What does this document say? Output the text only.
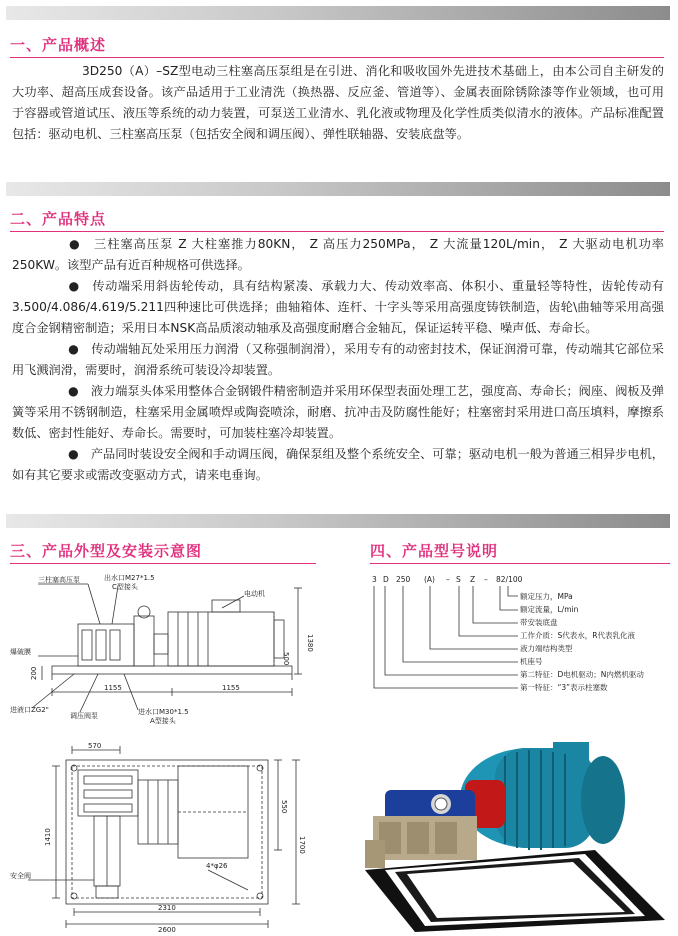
一、产品概述
3D250（A）–SZ型电动三柱塞高压泵组是在引进、消化和吸收国外先进技术基础上，由本公司自主研发的大功率、超高压成套设备。该产品适用于工业清洗（换热器、反应釜、管道等）、金属表面除锈除漆等作业领域，也可用于容器或管道试压、液压等系统的动力装置，可泵送工业清水、乳化液或物理及化学性质类似清水的液体。产品标准配置包括：驱动电机、三柱塞高压泵（包括安全阀和调压阀）、弹性联轴器、安装底盘等。
二、产品特点
●　三柱塞高压泵 Z 大柱塞推力80KN， Z 高压力250MPa， Z 大流量120L/min， Z 大驱动电机功率250KW。该型产品有近百种规格可供选择。
●　传动端采用斜齿轮传动，具有结构紧凑、承载力大、传动效率高、体积小、重量轻等特性，齿轮传动有3.500/4.086/4.619/5.211四种速比可供选择；曲轴箱体、连杆、十字头等采用高强度铸铁制造，齿轮\曲轴等采用高强度合金钢精密制造；采用日本NSK高品质滚动轴承及高强度耐磨合金轴瓦，保证运转平稳、噪声低、寿命长。
●　传动端轴瓦处采用压力润滑（又称强制润滑），采用专有的动密封技术，保证润滑可靠，传动端其它部位采用飞溅润滑，需要时，润滑系统可装设冷却装置。
●　液力端泵头体采用整体合金钢锻件精密制造并采用环保型表面处理工艺，强度高、寿命长；阀座、阀板及弹簧等采用不锈钢制造，柱塞采用金属喷焊或陶瓷喷涂，耐磨、抗冲击及防腐性能好；柱塞密封采用进口高压填料，摩擦系数低、密封性能好、寿命长。需要时，可加装柱塞冷却装置。
●　产品同时装设安全阀和手动调压阀，确保泵组及整个系统安全、可靠；驱动电机一般为普通三相异步电机，如有其它要求或需改变驱动方式，请来电垂询。
三、产品外型及安装示意图	四、产品型号说明
三柱塞高压泵	出水口M27*1.5
C型接头
电动机
爆破膜
进液口ZG2"
调压阀泵	进水口M30*1.5
A型接头
1380
500
200
1155	1155
570
550
1700
1410
2310
2600
安全阀
4*φ26
3 D 250 (A) – S Z – 82/100
额定压力，MPa
额定流量，L/min
带安装底盘
工作介质：S代表水，R代表乳化液
液力端结构类型
机座号
第二特征：D电机驱动；N内燃机驱动
第一特征：“3”表示柱塞数
